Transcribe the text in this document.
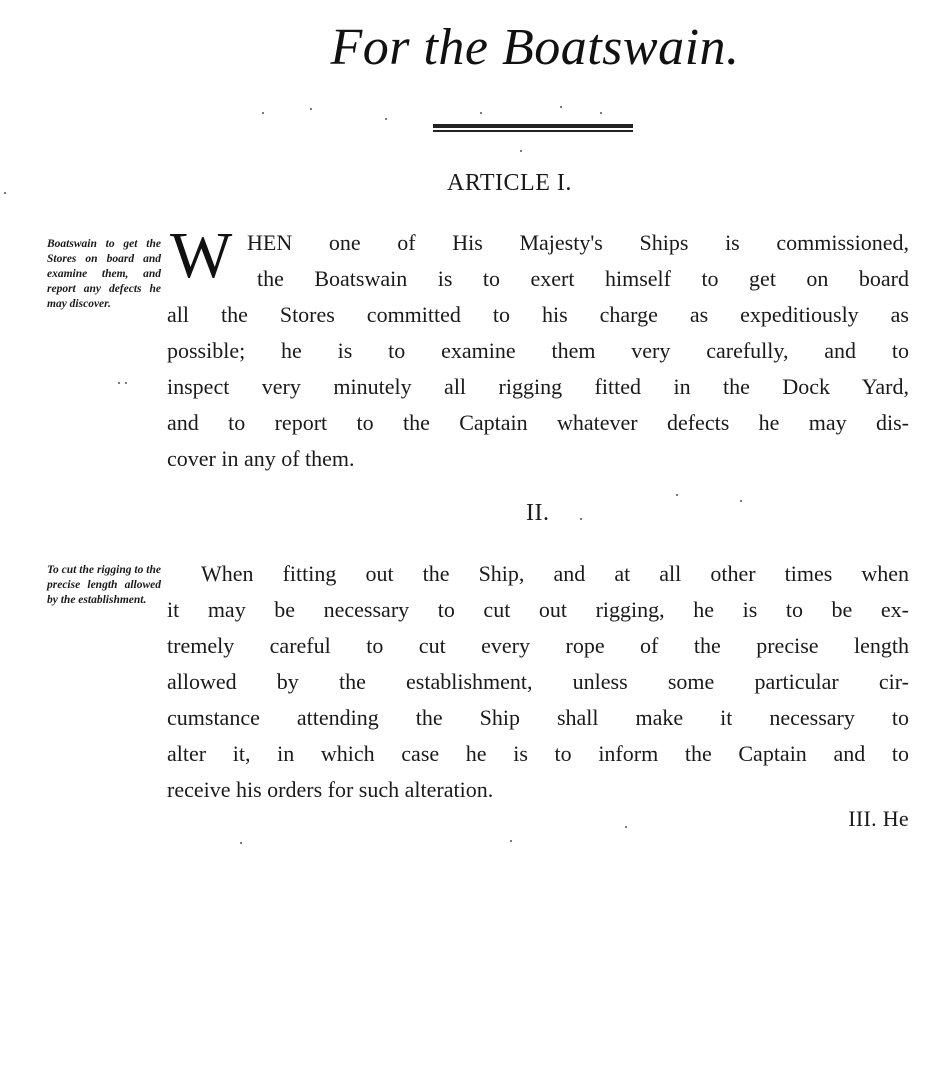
For the Boatswain.
ARTICLE I.
Boatswain to get the Stores on board and examine them, and report any defects he may discover.
W HEN one of His Majesty's Ships is commissioned,
the Boatswain is to exert himself to get on board
all the Stores committed to his charge as expeditiously as
possible; he is to examine them very carefully, and to
inspect very minutely all rigging fitted in the Dock Yard,
and to report to the Captain whatever defects he may dis-
cover in any of them.
II.
To cut the rigging to the precise length allowed by the establishment.
When fitting out the Ship, and at all other times when
it may be necessary to cut out rigging, he is to be ex-
tremely careful to cut every rope of the precise length
allowed by the establishment, unless some particular cir-
cumstance attending the Ship shall make it necessary to
alter it, in which case he is to inform the Captain and to
receive his orders for such alteration.
III. He
